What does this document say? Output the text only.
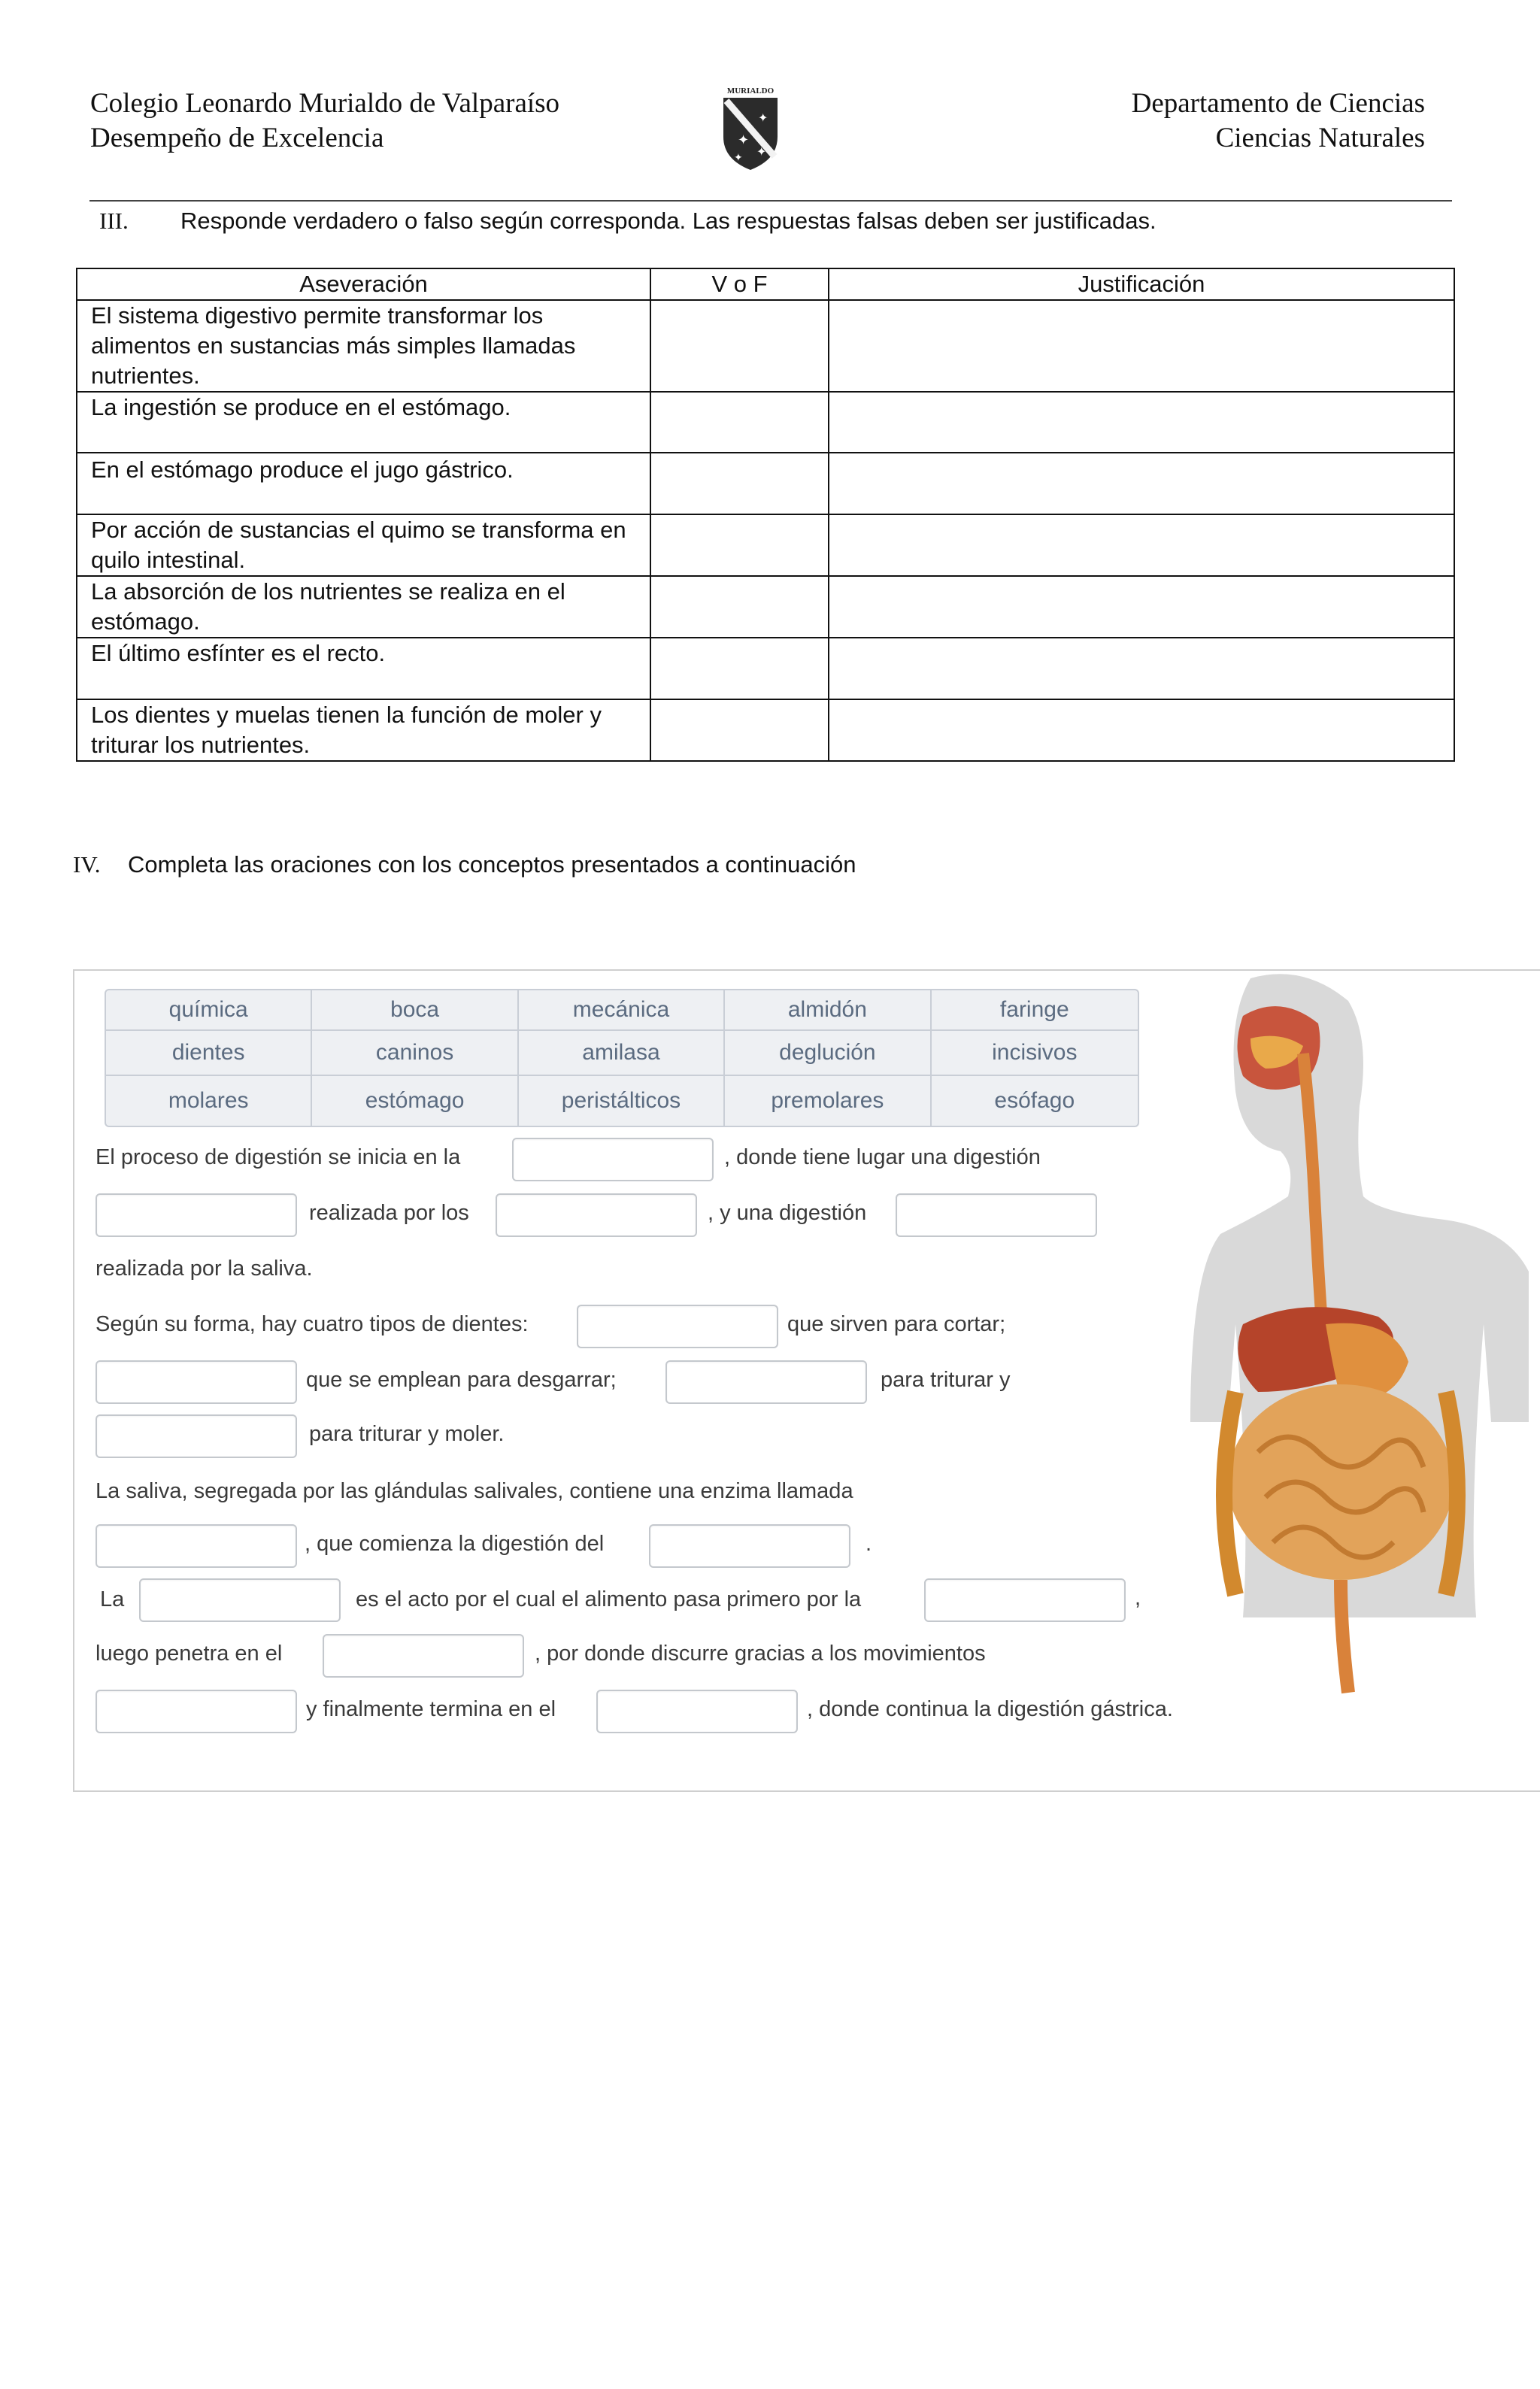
Colegio Leonardo Murialdo de Valparaíso
Desempeño de Excelencia
MURIALDO
✦
✦
✦
✦	Departamento de Ciencias
Ciencias Naturales
III. Responde verdadero o falso según corresponda. Las respuestas falsas deben ser justificadas.
Aseveración	V o F	Justificación
El sistema digestivo permite transformar los alimentos en sustancias más simples llamadas nutrientes.		
La ingestión se produce en el estómago.		
En el estómago produce el jugo gástrico.		
Por acción de sustancias el quimo se transforma en quilo intestinal.		
La absorción de los nutrientes se realiza en el estómago.		
El último esfínter es el recto.		
Los dientes y muelas tienen la función de moler y triturar los nutrientes.		
IV. Completa las oraciones con los conceptos presentados a continuación
química	boca	mecánica	almidón	faringe
dientes	caninos	amilasa	deglución	incisivos
molares	estómago	peristálticos	premolares	esófago
El proceso de digestión se inicia en la	, donde tiene lugar una digestión
realizada por los	, y una digestión
realizada por la saliva.
Según su forma, hay cuatro tipos de dientes:	que sirven para cortar;
que se emplean para desgarrar;	para triturar y
para triturar y moler.
La saliva, segregada por las glándulas salivales, contiene una enzima llamada
, que comienza la digestión del	.
La	es el acto por el cual el alimento pasa primero por la	,
luego penetra en el	, por donde discurre gracias a los movimientos
y finalmente termina en el	, donde continua la digestión gástrica.
